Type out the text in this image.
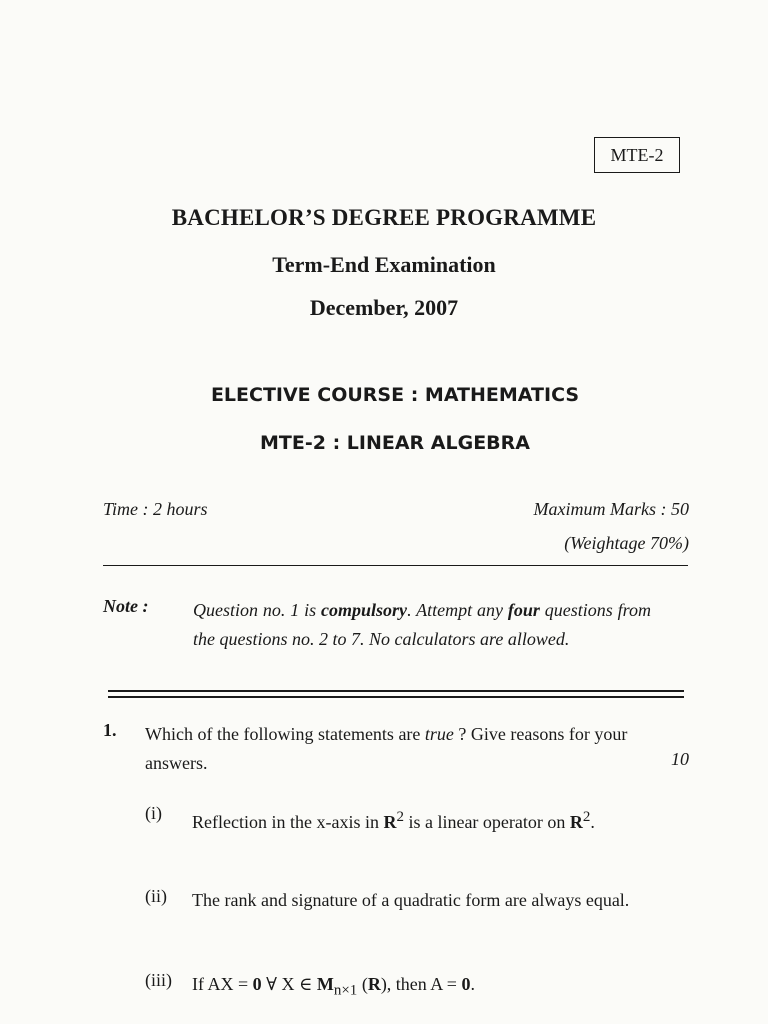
MTE-2
BACHELOR’S DEGREE PROGRAMME
Term-End Examination
December, 2007
ELECTIVE COURSE : MATHEMATICS
MTE-2 : LINEAR ALGEBRA
Time : 2 hours	Maximum Marks : 50
(Weightage 70%)
Note : Question no. 1 is compulsory. Attempt any four questions from the questions no. 2 to 7. No calculators are allowed.
1. Which of the following statements are true ? Give reasons for your answers.	10
(i) Reflection in the x-axis in $R^2$ is a linear operator on $R^2$.
(ii) The rank and signature of a quadratic form are always equal.
(iii) If AX = 0 ∀ X ∈ $M_{n\times 1}$ (R), then A = 0.
